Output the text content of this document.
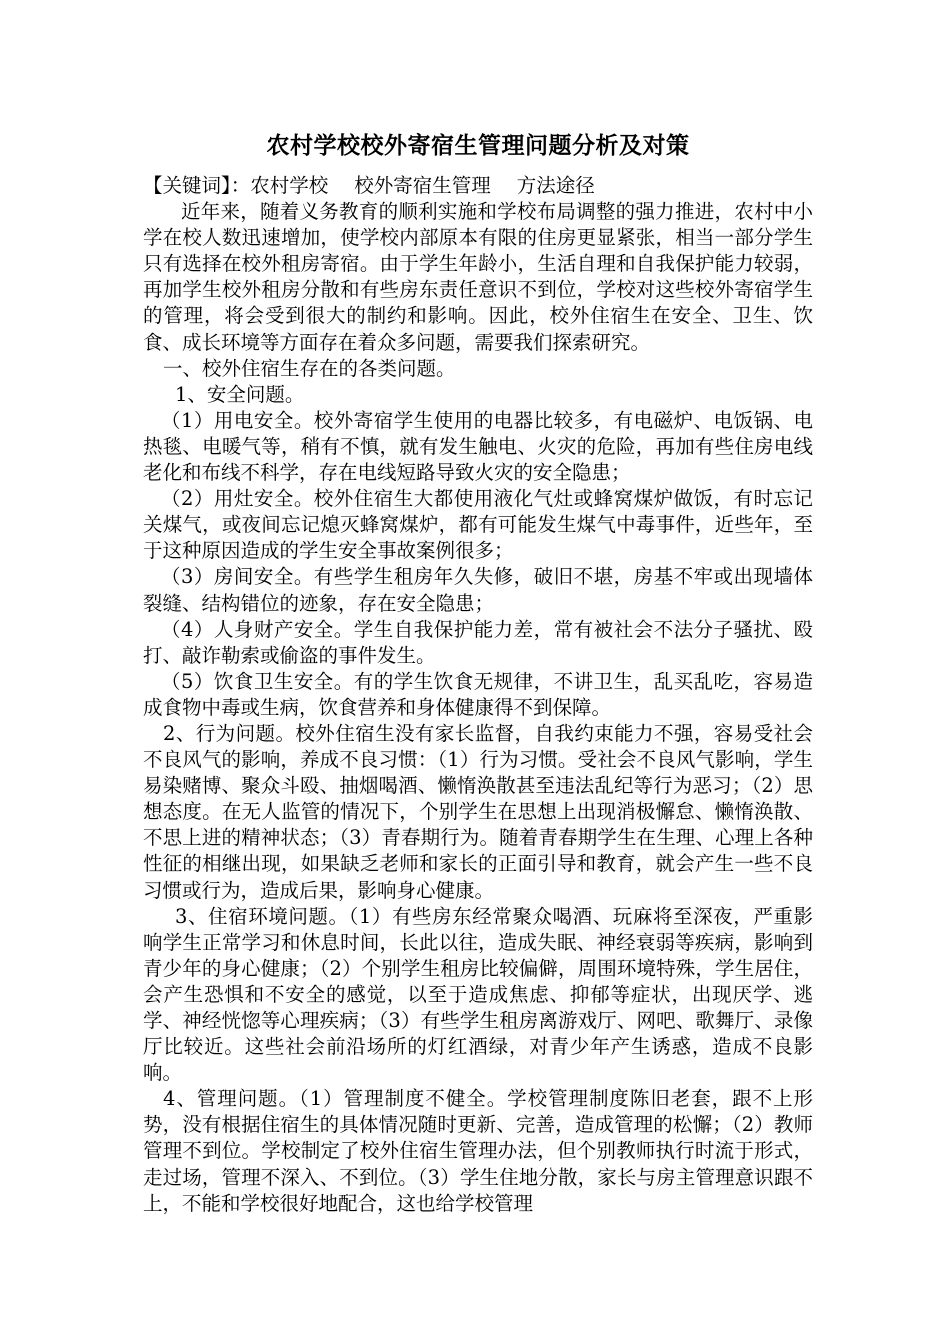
农村学校校外寄宿生管理问题分析及对策

【关键词】：农村学校 校外寄宿生管理 方法途径

近年来，随着义务教育的顺利实施和学校布局调整的强力推进，农村中小学在校人数迅速增加，使学校内部原本有限的住房更显紧张，相当一部分学生只有选择在校外租房寄宿。由于学生年龄小，生活自理和自我保护能力较弱，再加学生校外租房分散和有些房东责任意识不到位，学校对这些校外寄宿学生的管理，将会受到很大的制约和影响。因此，校外住宿生在安全、卫生、饮食、成长环境等方面存在着众多问题，需要我们探索研究。

一、校外住宿生存在的各类问题。

1、安全问题。

（1）用电安全。校外寄宿学生使用的电器比较多，有电磁炉、电饭锅、电热毯、电暖气等，稍有不慎，就有发生触电、火灾的危险，再加有些住房电线老化和布线不科学，存在电线短路导致火灾的安全隐患；

（2）用灶安全。校外住宿生大都使用液化气灶或蜂窝煤炉做饭，有时忘记关煤气，或夜间忘记熄灭蜂窝煤炉，都有可能发生煤气中毒事件，近些年，至于这种原因造成的学生安全事故案例很多；

（3）房间安全。有些学生租房年久失修，破旧不堪，房基不牢或出现墙体裂缝、结构错位的迹象，存在安全隐患；

（4）人身财产安全。学生自我保护能力差，常有被社会不法分子骚扰、殴打、敲诈勒索或偷盗的事件发生。

（5）饮食卫生安全。有的学生饮食无规律，不讲卫生，乱买乱吃，容易造成食物中毒或生病，饮食营养和身体健康得不到保障。

2、行为问题。校外住宿生没有家长监督，自我约束能力不强，容易受社会不良风气的影响，养成不良习惯：（1）行为习惯。受社会不良风气影响，学生易染赌博、聚众斗殴、抽烟喝酒、懒惰涣散甚至违法乱纪等行为恶习；（2）思想态度。在无人监管的情况下，个别学生在思想上出现消极懈怠、懒惰涣散、不思上进的精神状态；（3）青春期行为。随着青春期学生在生理、心理上各种性征的相继出现，如果缺乏老师和家长的正面引导和教育，就会产生一些不良习惯或行为，造成后果，影响身心健康。

3、住宿环境问题。（1）有些房东经常聚众喝酒、玩麻将至深夜，严重影响学生正常学习和休息时间，长此以往，造成失眠、神经衰弱等疾病，影响到青少年的身心健康；（2）个别学生租房比较偏僻，周围环境特殊，学生居住，会产生恐惧和不安全的感觉，以至于造成焦虑、抑郁等症状，出现厌学、逃学、神经恍惚等心理疾病；（3）有些学生租房离游戏厅、网吧、歌舞厅、录像厅比较近。这些社会前沿场所的灯红酒绿，对青少年产生诱惑，造成不良影响。

4、管理问题。（1）管理制度不健全。学校管理制度陈旧老套，跟不上形势，没有根据住宿生的具体情况随时更新、完善，造成管理的松懈；（2）教师管理不到位。学校制定了校外住宿生管理办法，但个别教师执行时流于形式，走过场，管理不深入、不到位。（3）学生住地分散，家长与房主管理意识跟不上，不能和学校很好地配合，这也给学校管理
